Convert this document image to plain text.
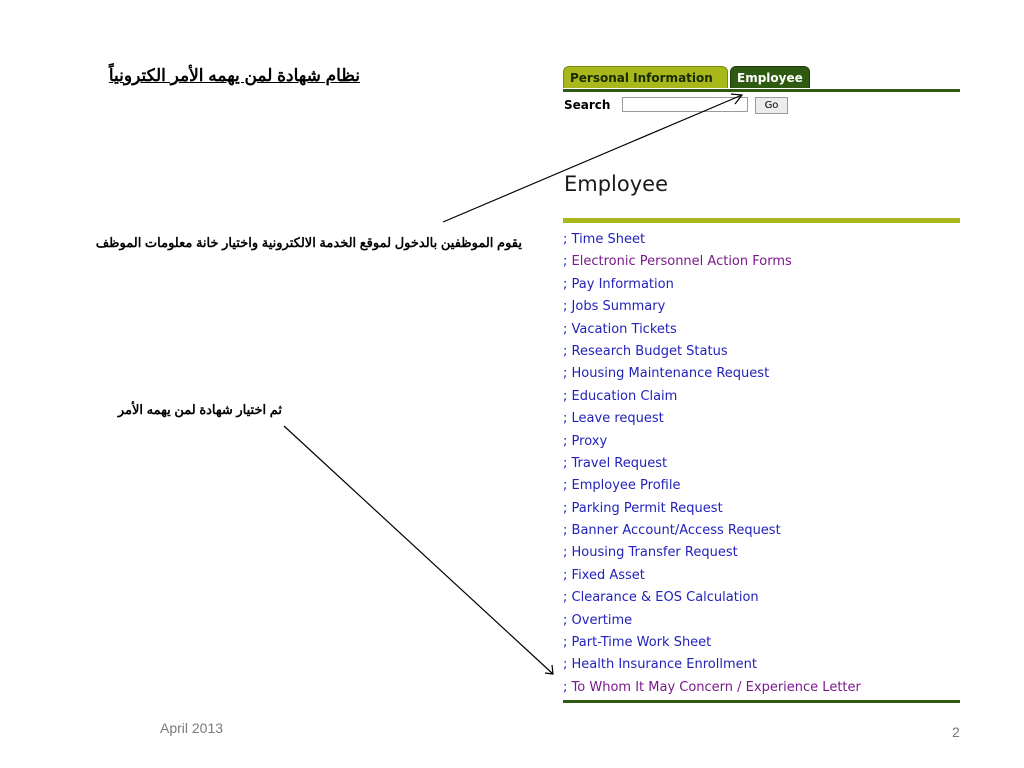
نظام شهادة لمن يهمه الأمر الكترونياً
يقوم الموظفين بالدخول لموقع الخدمة الالكترونية واختيار خانة معلومات الموظف
ثم اختيار شهادة لمن يهمه الأمر
Personal Information	Employee
Search	Go
Employee
; Time Sheet
; Electronic Personnel Action Forms
; Pay Information
; Jobs Summary
; Vacation Tickets
; Research Budget Status
; Housing Maintenance Request
; Education Claim
; Leave request
; Proxy
; Travel Request
; Employee Profile
; Parking Permit Request
; Banner Account/Access Request
; Housing Transfer Request
; Fixed Asset
; Clearance & EOS Calculation
; Overtime
; Part-Time Work Sheet
; Health Insurance Enrollment
; To Whom It May Concern / Experience Letter
April 2013	2
